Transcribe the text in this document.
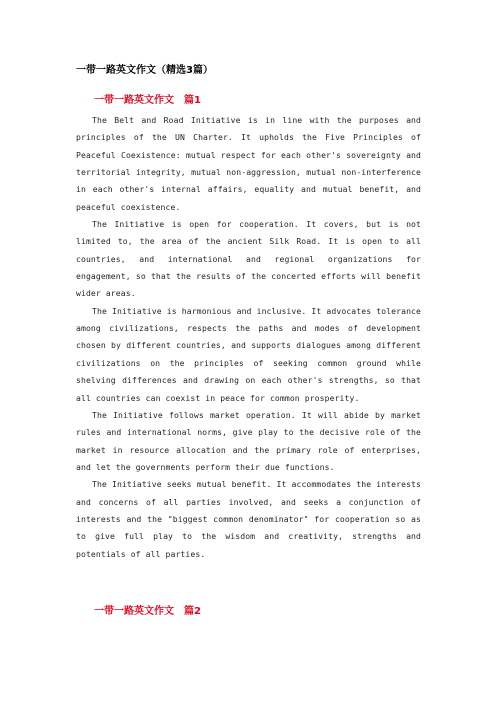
一带一路英文作文（精选3篇）
一带一路英文作文　篇1

The Belt and Road Initiative is in line with the purposes and principles of the UN Charter. It upholds the Five Principles of Peaceful Coexistence: mutual respect for each other's sovereignty and territorial integrity, mutual non-aggression, mutual non-interference in each other's internal affairs, equality and mutual benefit, and peaceful coexistence.

The Initiative is open for cooperation. It covers, but is not limited to, the area of the ancient Silk Road. It is open to all countries, and international and regional organizations for engagement, so that the results of the concerted efforts will benefit wider areas.

The Initiative is harmonious and inclusive. It advocates tolerance among civilizations, respects the paths and modes of development chosen by different countries, and supports dialogues among different civilizations on the principles of seeking common ground while shelving differences and drawing on each other's strengths, so that all countries can coexist in peace for common prosperity.

The Initiative follows market operation. It will abide by market rules and international norms, give play to the decisive role of the market in resource allocation and the primary role of enterprises, and let the governments perform their due functions.

The Initiative seeks mutual benefit. It accommodates the interests and concerns of all parties involved, and seeks a conjunction of interests and the "biggest common denominator" for cooperation so as to give full play to the wisdom and creativity, strengths and potentials of all parties.

一带一路英文作文　篇2
